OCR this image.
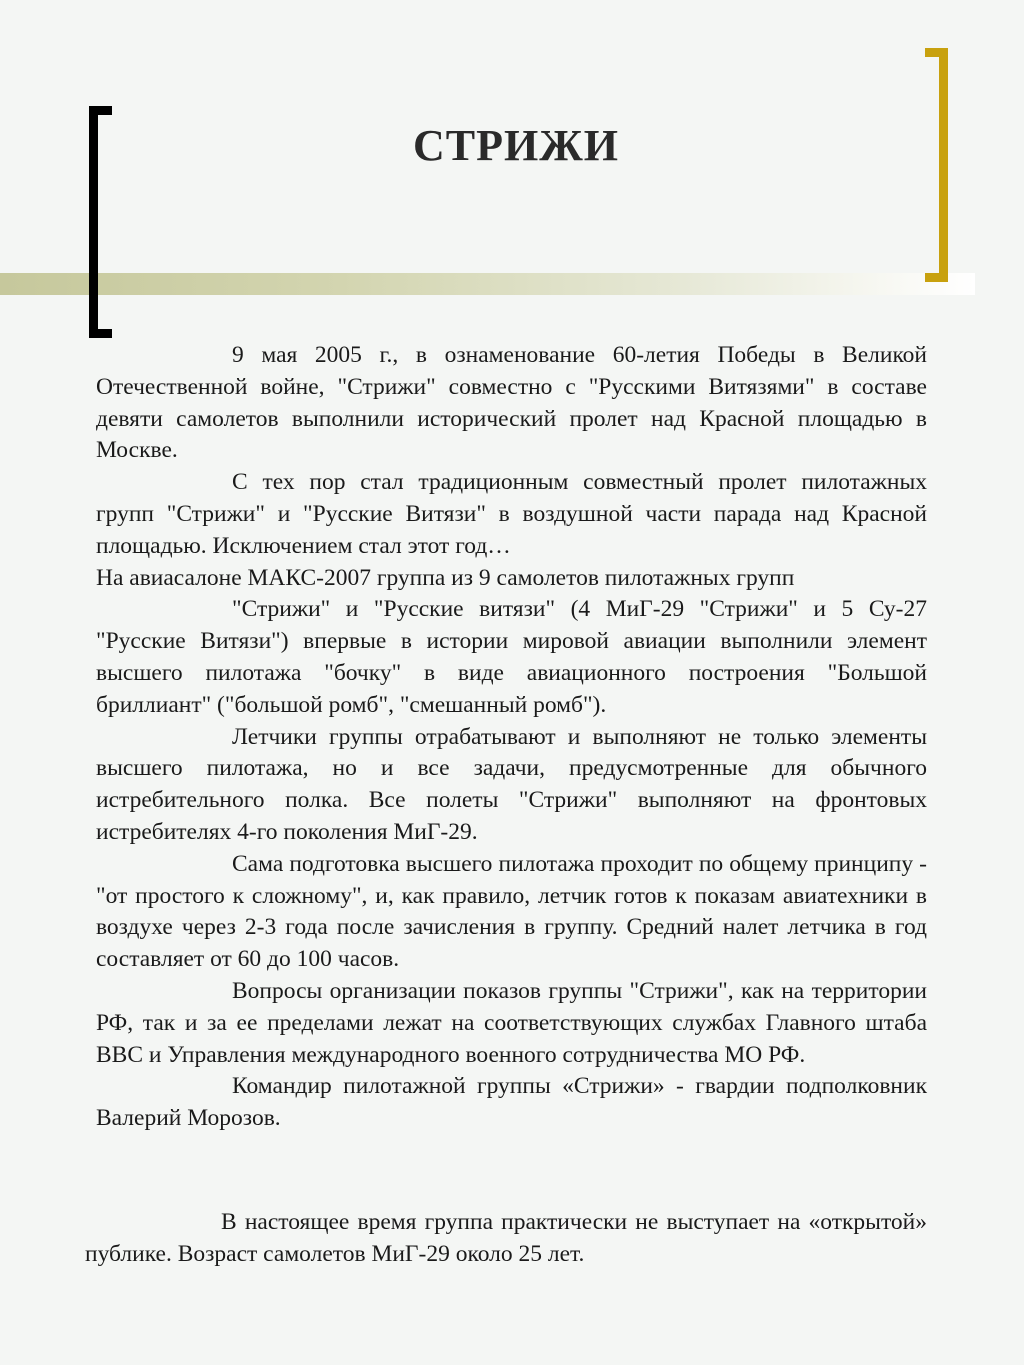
СТРИЖИ

9 мая 2005 г., в ознаменование 60-летия Победы в Великой Отечественной войне, "Стрижи" совместно с "Русскими Витязями" в составе девяти самолетов выполнили исторический пролет над Красной площадью в Москве.

С тех пор стал традиционным совместный пролет пилотажных групп "Стрижи" и "Русские Витязи" в воздушной части парада над Красной площадью. Исключением стал этот год…

На авиасалоне МАКС-2007 группа из 9 самолетов пилотажных групп

"Стрижи" и "Русские витязи" (4 МиГ-29 "Стрижи" и 5 Су-27 "Русские Витязи") впервые в истории мировой авиации выполнили элемент высшего пилотажа "бочку" в виде авиационного построения "Большой бриллиант" ("большой ромб", "смешанный ромб").

Летчики группы отрабатывают и выполняют не только элементы высшего пилотажа, но и все задачи, предусмотренные для обычного истребительного полка. Все полеты "Стрижи" выполняют на фронтовых истребителях 4-го поколения МиГ-29.

Сама подготовка высшего пилотажа проходит по общему принципу - "от простого к сложному", и, как правило, летчик готов к показам авиатехники в воздухе через 2-3 года после зачисления в группу. Средний налет летчика в год составляет от 60 до 100 часов.

Вопросы организации показов группы "Стрижи", как на территории РФ, так и за ее пределами лежат на соответствующих службах Главного штаба ВВС и Управления международного военного сотрудничества МО РФ.

Командир пилотажной группы «Стрижи» - гвардии подполковник Валерий Морозов.

В настоящее время группа практически не выступает на «открытой» публике. Возраст самолетов МиГ-29 около 25 лет.
